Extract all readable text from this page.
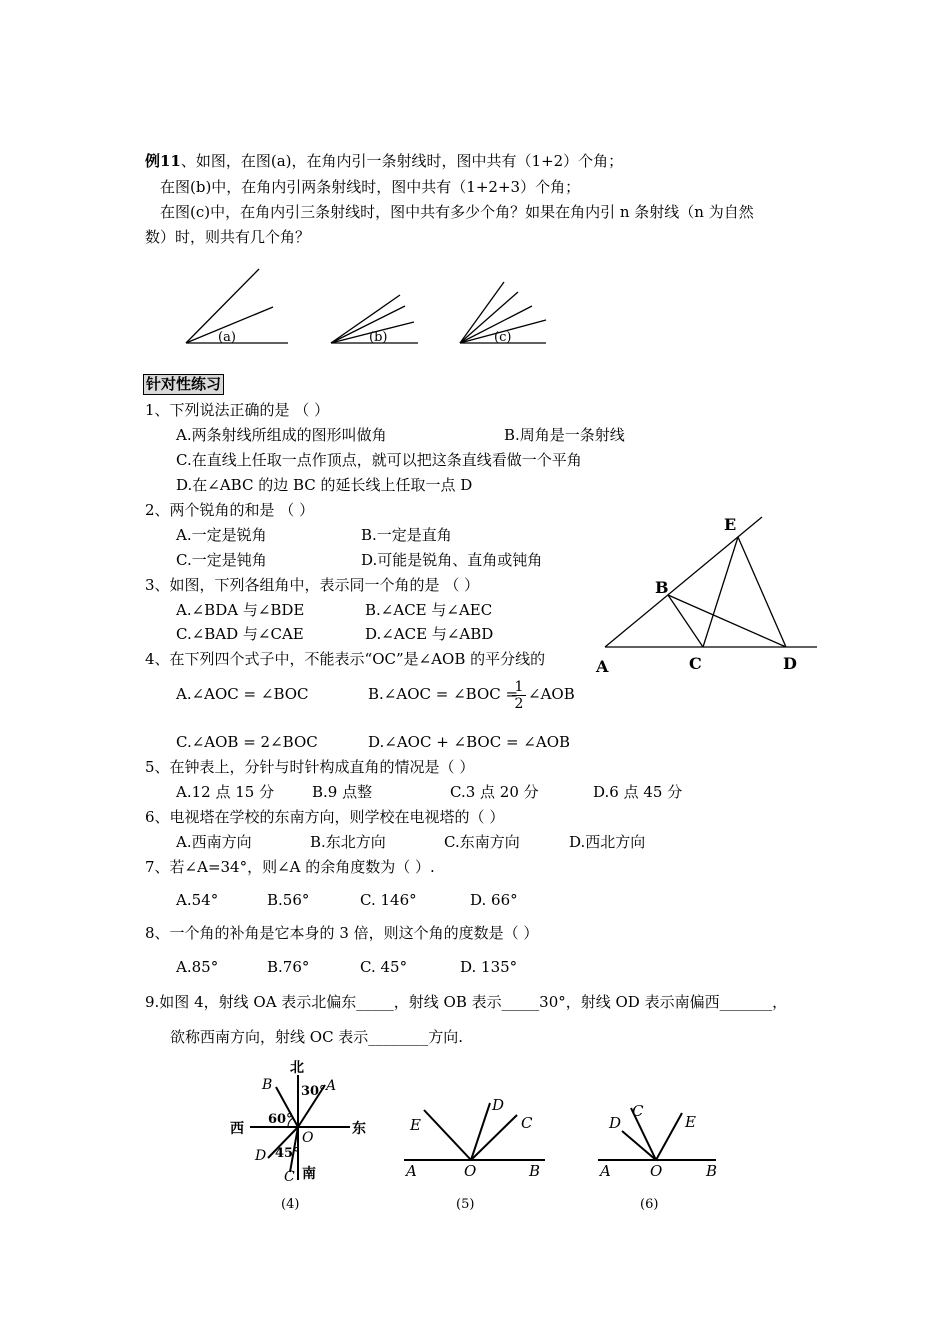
例11、如图，在图(a)，在角内引一条射线时，图中共有（1+2）个角；
在图(b)中，在角内引两条射线时，图中共有（1+2+3）个角；
在图(c)中，在角内引三条射线时，图中共有多少个角？如果在角内引 n 条射线（n 为自然
数）时，则共有几个角？
(a)	(b)	(c)
针对性练习
1、下列说法正确的是 （ ）
A.两条射线所组成的图形叫做角	B.周角是一条射线
C.在直线上任取一点作顶点，就可以把这条直线看做一个平角
D.在∠ABC 的边 BC 的延长线上任取一点 D
2、两个锐角的和是 （ ）
A.一定是锐角	B.一定是直角
C.一定是钝角	D.可能是锐角、直角或钝角
3、如图，下列各组角中，表示同一个角的是 （ ）
A.∠BDA 与∠BDE	B.∠ACE 与∠AEC
C.∠BAD 与∠CAE	D.∠ACE 与∠ABD
A
B
C	D
E
4、在下列四个式子中，不能表示“OC”是∠AOB 的平分线的
A.∠AOC = ∠BOC	B.∠AOC = ∠BOC =
1
2
∠AOB
C.∠AOB = 2∠BOC	D.∠AOC + ∠BOC = ∠AOB
5、在钟表上，分针与时针构成直角的情况是（ ）
A.12 点 15 分	B.9 点整	C.3 点 20 分	D.6 点 45 分
6、电视塔在学校的东南方向，则学校在电视塔的（ ）
A.西南方向	B.东北方向	C.东南方向	D.西北方向
7、若∠A=34°，则∠A 的余角度数为（ ）.
A.54°	B.56°	C. 146°	D. 66°
8、一个角的补角是它本身的 3 倍，则这个角的度数是（ ）
A.85°	B.76°	C. 45°	D. 135°
9.如图 4，射线 OA 表示北偏东_____，射线 OB 表示_____30°，射线 OD 表示南偏西_______，
欲称西南方向，射线 OC 表示________方向.
北
南
西	东
30°
60°
45°
A
B
C
D
O
(4)
A	O	B
E
D
C
(5)
A	O	B
D
C
E
(6)
